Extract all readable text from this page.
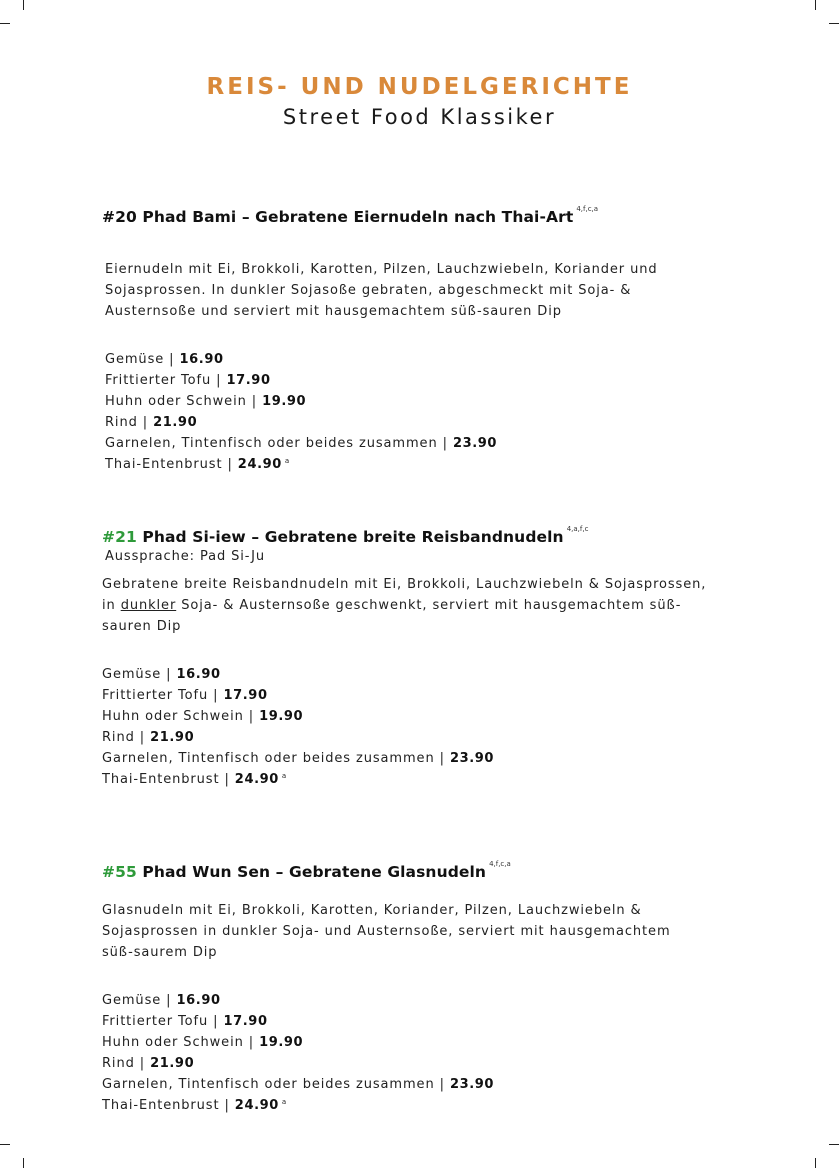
REIS- UND NUDELGERICHTE
Street Food Klassiker
#20 Phad Bami – Gebratene Eiernudeln nach Thai-Art $^{4,f,c,a}$
Eiernudeln mit Ei, Brokkoli, Karotten, Pilzen, Lauchzwiebeln, Koriander und
Sojasprossen. In dunkler Sojasoße gebraten, abgeschmeckt mit Soja- &
Austernsoße und serviert mit hausgemachtem süß-sauren Dip
Gemüse | 16.90
Frittierter Tofu | 17.90
Huhn oder Schwein | 19.90
Rind | 21.90
Garnelen, Tintenfisch oder beides zusammen | 23.90
Thai-Entenbrust | 24.90 $^a$
#21 Phad Si-iew – Gebratene breite Reisbandnudeln $^{4,a,f,c}$
Aussprache: Pad Si-Ju
Gebratene breite Reisbandnudeln mit Ei, Brokkoli, Lauchzwiebeln & Sojasprossen,
in dunkler Soja- & Austernsoße geschwenkt, serviert mit hausgemachtem süß-
sauren Dip
Gemüse | 16.90
Frittierter Tofu | 17.90
Huhn oder Schwein | 19.90
Rind | 21.90
Garnelen, Tintenfisch oder beides zusammen | 23.90
Thai-Entenbrust | 24.90 $^a$
#55 Phad Wun Sen – Gebratene Glasnudeln $^{4,f,c,a}$
Glasnudeln mit Ei, Brokkoli, Karotten, Koriander, Pilzen, Lauchzwiebeln &
Sojasprossen in dunkler Soja- und Austernsoße, serviert mit hausgemachtem
süß-saurem Dip
Gemüse | 16.90
Frittierter Tofu | 17.90
Huhn oder Schwein | 19.90
Rind | 21.90
Garnelen, Tintenfisch oder beides zusammen | 23.90
Thai-Entenbrust | 24.90 $^a$
